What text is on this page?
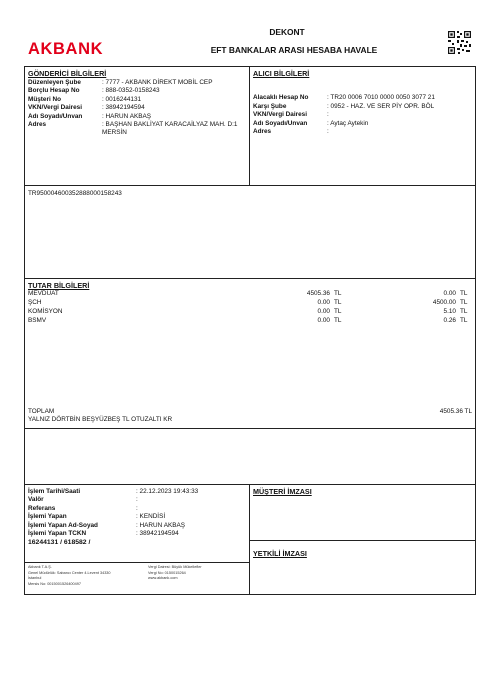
AKBANK
DEKONT
EFT BANKALAR ARASI HESABA HAVALE
GÖNDERİCİ BİLGİLERİ
Düzenleyen Şube	: 7777 - AKBANK DİREKT MOBİL CEP
Borçlu Hesap No	: 888-0352-0158243
Müşteri No	: 0016244131
VKN/Vergi Dairesi	: 38942194594
Adı Soyadı/Unvan	: HARUN AKBAŞ
Adres	: BAŞHAN BAKLİYAT KARACAİLYAZ MAH. D:1 MERSİN
ALICI BİLGİLERİ
Alacaklı Hesap No	: TR20 0006 7010 0000 0050 3077 21
Karşı Şube	: 0952 - HAZ. VE SER PİY OPR. BÖL
VKN/Vergi Dairesi	:
Adı Soyadı/Unvan	: Aytaç Aytekin
Adres	:
TR950004600352888000158243
TUTAR BİLGİLERİ
MEVDUAT	4505.36 TL	0.00 TL
ŞCH	0.00 TL	4500.00 TL
KOMİSYON	0.00 TL	5.10 TL
BSMV	0.00 TL	0.26 TL
TOPLAM	4505.36 TL
YALNIZ DÖRTBİN BEŞYÜZBEŞ TL OTUZALTI KR
İşlem Tarihi/Saati	: 22.12.2023 19:43:33
Valör	:
Referans	:
İşlemi Yapan	: KENDİSİ
İşlemi Yapan Ad-Soyad	: HARUN AKBAŞ
İşlemi Yapan TCKN	: 38942194594
16244131 / 618582 /
Akbank T.A.Ş.
Genel Müdürlük: Sabancı Center 4.Levent 34330
İstanbul
Mersis No: 0015001526400497
Vergi Dairesi: Büyük Mükellefler
Vergi No: 0150015264
www.akbank.com
MÜŞTERİ İMZASI
YETKİLİ İMZASI
